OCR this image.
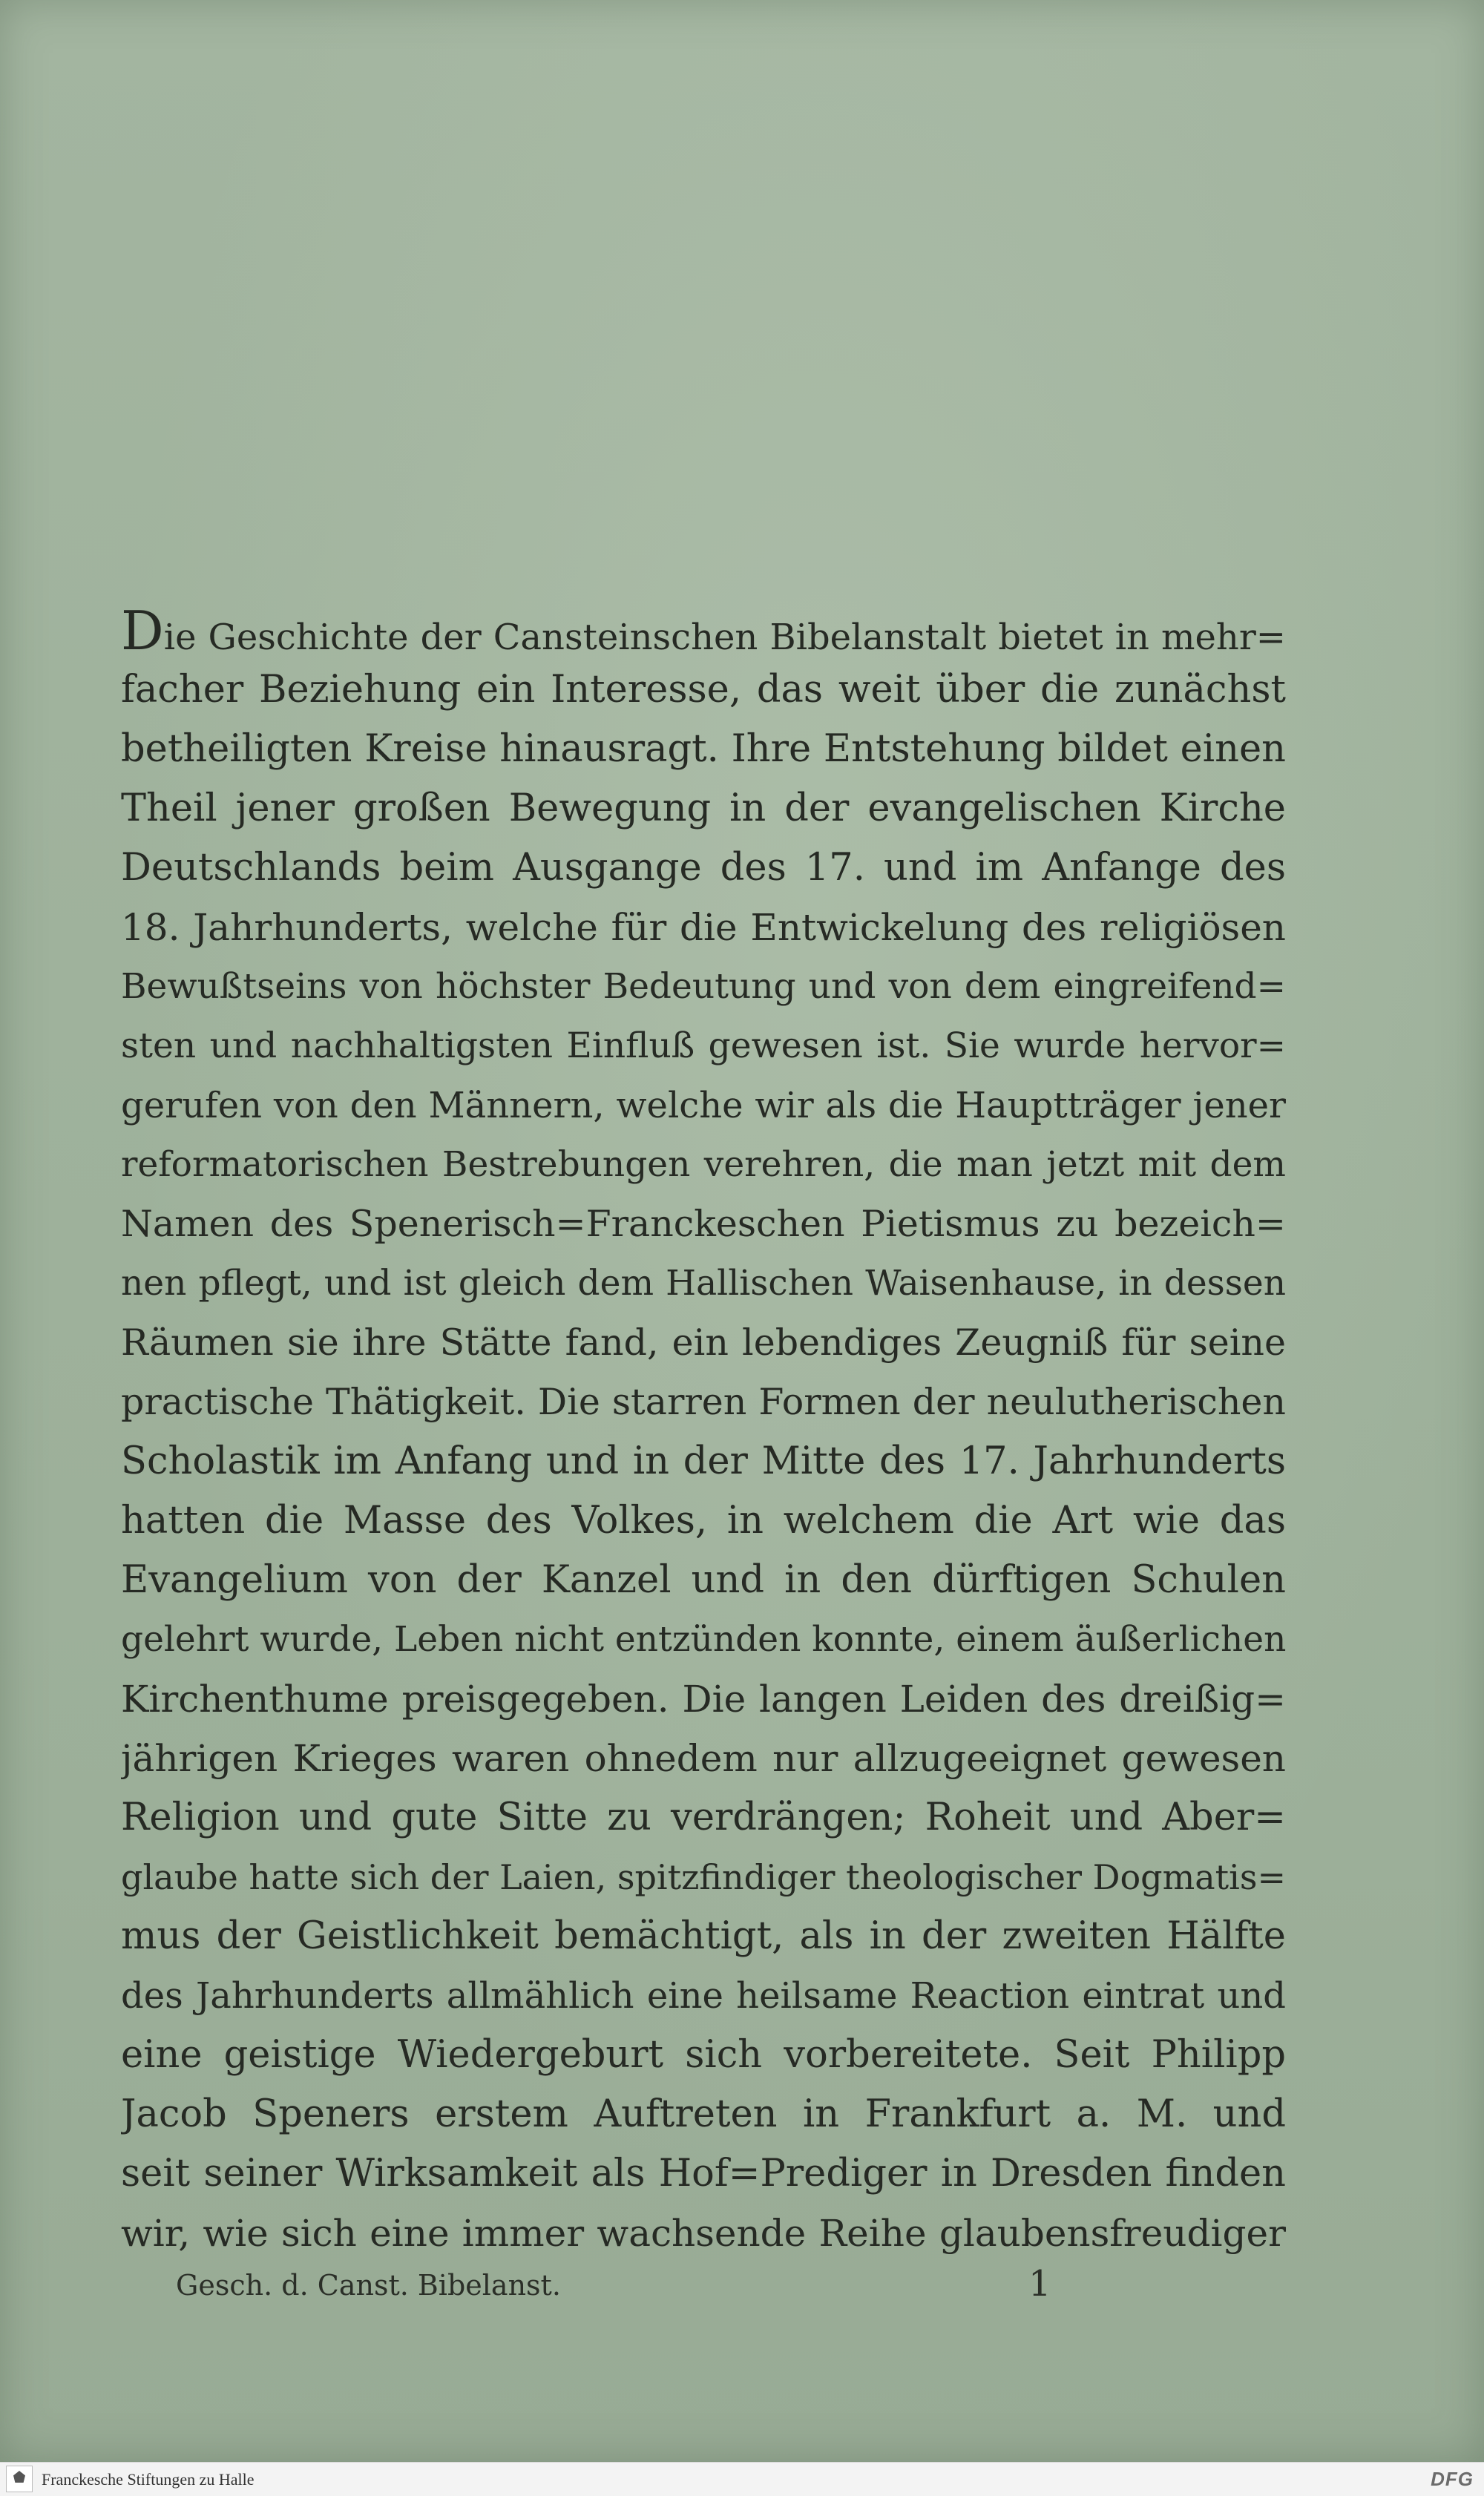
Die Geschichte der Cansteinschen Bibelanstalt bietet in mehr=
facher Beziehung ein Interesse, das weit über die zunächst
betheiligten Kreise hinausragt. Ihre Entstehung bildet einen
Theil jener großen Bewegung in der evangelischen Kirche
Deutschlands beim Ausgange des 17. und im Anfange des
18. Jahrhunderts, welche für die Entwickelung des religiösen
Bewußtseins von höchster Bedeutung und von dem eingreifend=
sten und nachhaltigsten Einfluß gewesen ist. Sie wurde hervor=
gerufen von den Männern, welche wir als die Hauptträger jener
reformatorischen Bestrebungen verehren, die man jetzt mit dem
Namen des Spenerisch=Franckeschen Pietismus zu bezeich=
nen pflegt, und ist gleich dem Hallischen Waisenhause, in dessen
Räumen sie ihre Stätte fand, ein lebendiges Zeugniß für seine
practische Thätigkeit. Die starren Formen der neulutherischen
Scholastik im Anfang und in der Mitte des 17. Jahrhunderts
hatten die Masse des Volkes, in welchem die Art wie das
Evangelium von der Kanzel und in den dürftigen Schulen
gelehrt wurde, Leben nicht entzünden konnte, einem äußerlichen
Kirchenthume preisgegeben. Die langen Leiden des dreißig=
jährigen Krieges waren ohnedem nur allzugeeignet gewesen
Religion und gute Sitte zu verdrängen; Roheit und Aber=
glaube hatte sich der Laien, spitzfindiger theologischer Dogmatis=
mus der Geistlichkeit bemächtigt, als in der zweiten Hälfte
des Jahrhunderts allmählich eine heilsame Reaction eintrat und
eine geistige Wiedergeburt sich vorbereitete. Seit Philipp
Jacob Speners erstem Auftreten in Frankfurt a. M. und
seit seiner Wirksamkeit als Hof=Prediger in Dresden finden
wir, wie sich eine immer wachsende Reihe glaubensfreudiger
Gesch. d. Canst. Bibelanst.	1
Franckesche Stiftungen zu Halle	DFG
